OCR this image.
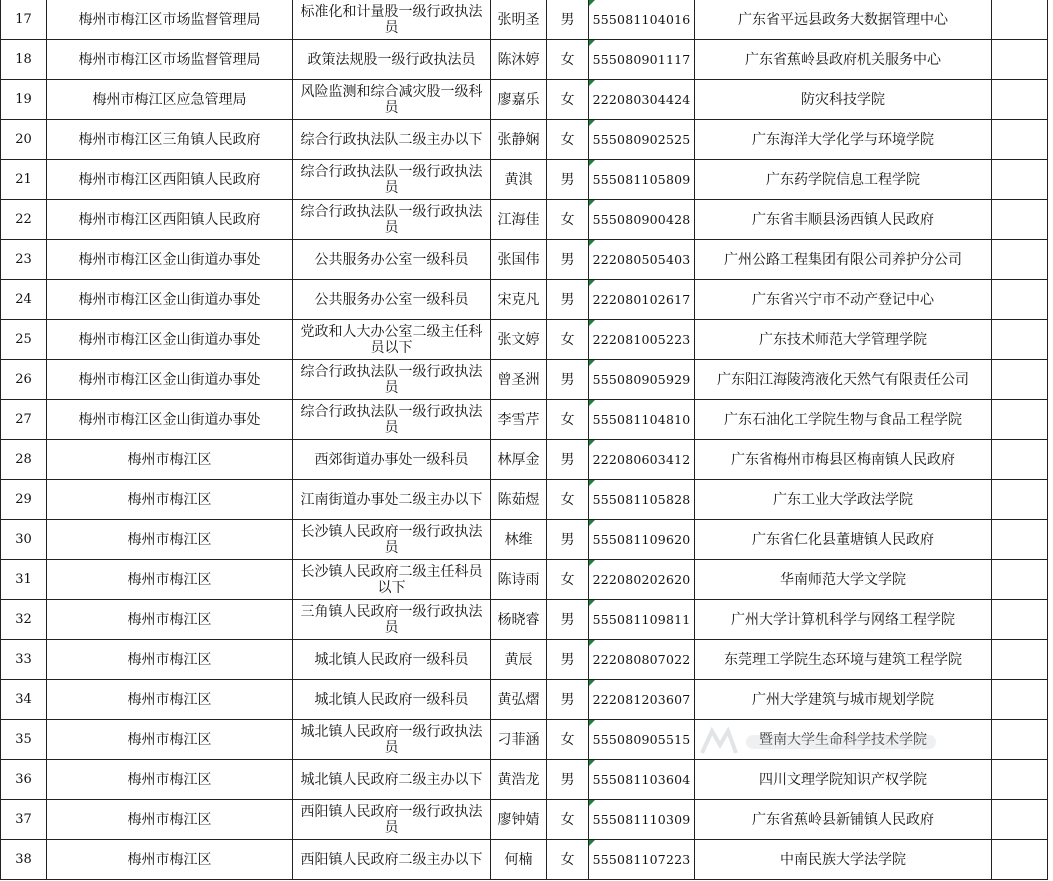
17	梅州市梅江区市场监督管理局	标准化和计量股一级行政执法员	张明圣	男	555081104016	广东省平远县政务大数据管理中心	
18	梅州市梅江区市场监督管理局	政策法规股一级行政执法员	陈沐婷	女	555080901117	广东省蕉岭县政府机关服务中心	
19	梅州市梅江区应急管理局	风险监测和综合减灾股一级科员	廖嘉乐	女	222080304424	防灾科技学院	
20	梅州市梅江区三角镇人民政府	综合行政执法队二级主办以下	张静娴	女	555080902525	广东海洋大学化学与环境学院	
21	梅州市梅江区西阳镇人民政府	综合行政执法队一级行政执法员	黄淇	男	555081105809	广东药学院信息工程学院	
22	梅州市梅江区西阳镇人民政府	综合行政执法队一级行政执法员	江海佳	女	555080900428	广东省丰顺县汤西镇人民政府	
23	梅州市梅江区金山街道办事处	公共服务办公室一级科员	张国伟	男	222080505403	广州公路工程集团有限公司养护分公司	
24	梅州市梅江区金山街道办事处	公共服务办公室一级科员	宋克凡	男	222080102617	广东省兴宁市不动产登记中心	
25	梅州市梅江区金山街道办事处	党政和人大办公室二级主任科员以下	张文婷	女	222081005223	广东技术师范大学管理学院	
26	梅州市梅江区金山街道办事处	综合行政执法队一级行政执法员	曾圣洲	男	555080905929	广东阳江海陵湾液化天然气有限责任公司	
27	梅州市梅江区金山街道办事处	综合行政执法队一级行政执法员	李雪芹	女	555081104810	广东石油化工学院生物与食品工程学院	
28	梅州市梅江区	西郊街道办事处一级科员	林厚金	男	222080603412	广东省梅州市梅县区梅南镇人民政府	
29	梅州市梅江区	江南街道办事处二级主办以下	陈茹煜	女	555081105828	广东工业大学政法学院	
30	梅州市梅江区	长沙镇人民政府一级行政执法员	林维	男	555081109620	广东省仁化县董塘镇人民政府	
31	梅州市梅江区	长沙镇人民政府二级主任科员以下	陈诗雨	女	222080202620	华南师范大学文学院	
32	梅州市梅江区	三角镇人民政府一级行政执法员	杨晓睿	男	555081109811	广州大学计算机科学与网络工程学院	
33	梅州市梅江区	城北镇人民政府一级科员	黄辰	男	222080807022	东莞理工学院生态环境与建筑工程学院	
34	梅州市梅江区	城北镇人民政府一级科员	黄弘熠	男	222081203607	广州大学建筑与城市规划学院	
35	梅州市梅江区	城北镇人民政府一级行政执法员	刁菲涵	女	555080905515	暨南大学生命科学技术学院	
36	梅州市梅江区	城北镇人民政府二级主办以下	黄浩龙	男	555081103604	四川文理学院知识产权学院	
37	梅州市梅江区	西阳镇人民政府一级行政执法员	廖钟婧	女	555081110309	广东省蕉岭县新铺镇人民政府	
38	梅州市梅江区	西阳镇人民政府二级主办以下	何楠	女	555081107223	中南民族大学法学院	
